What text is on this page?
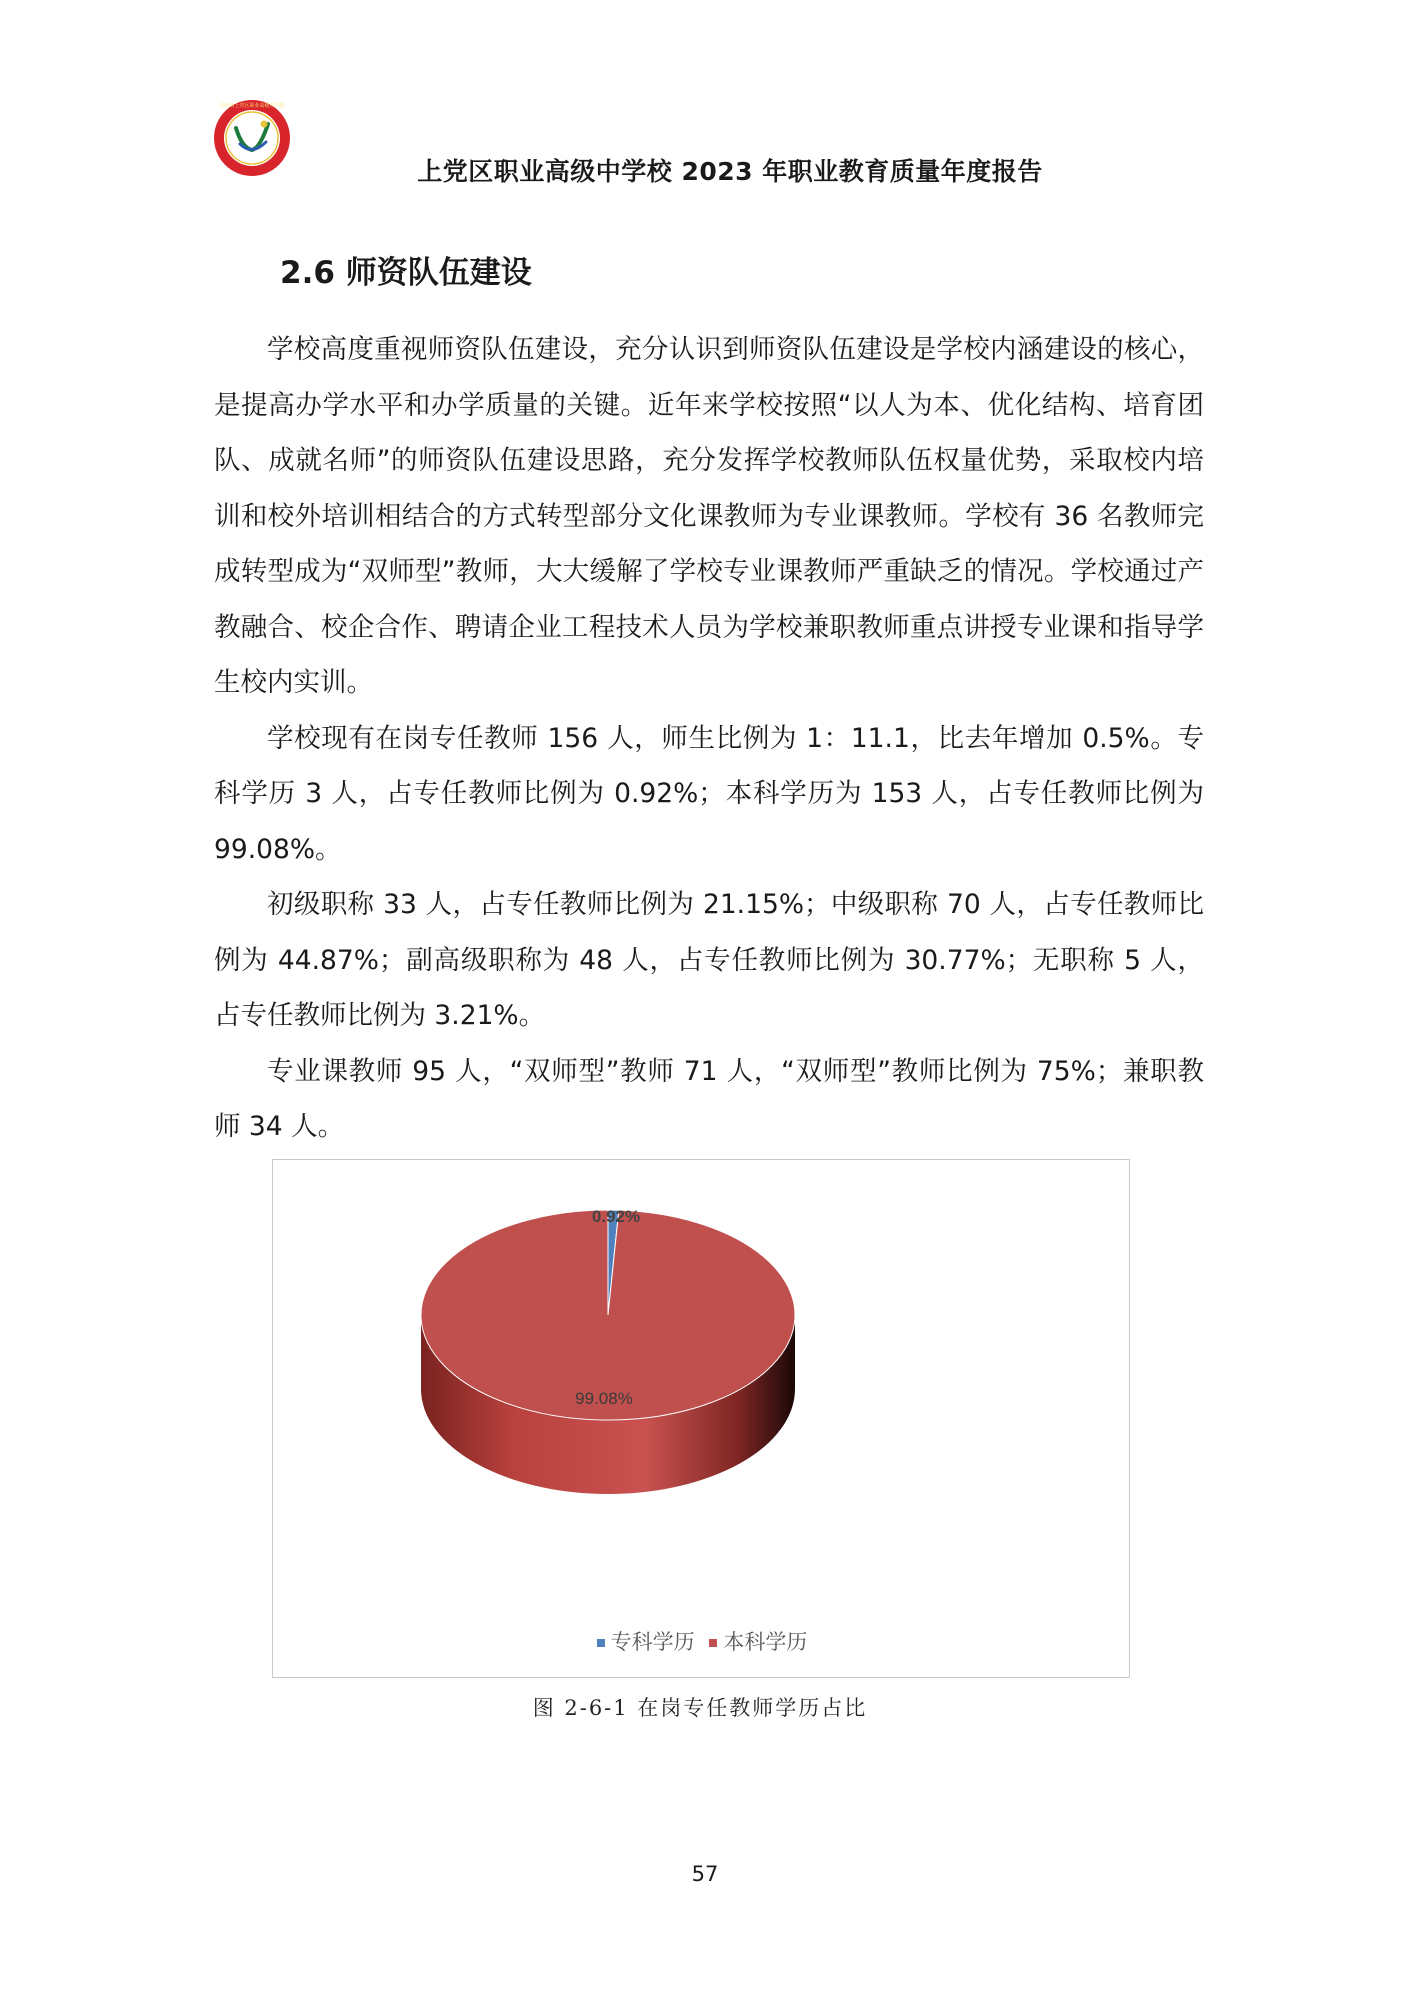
长治市上党区职业高级中学校
上党区职业高级中学校 2023 年职业教育质量年度报告
2.6 师资队伍建设

学校高度重视师资队伍建设，充分认识到师资队伍建设是学校内涵建设的核心，是提高办学水平和办学质量的关键。近年来学校按照“以人为本、优化结构、培育团队、成就名师”的师资队伍建设思路，充分发挥学校教师队伍权量优势，采取校内培训和校外培训相结合的方式转型部分文化课教师为专业课教师。学校有 36 名教师完成转型成为“双师型”教师，大大缓解了学校专业课教师严重缺乏的情况。学校通过产教融合、校企合作、聘请企业工程技术人员为学校兼职教师重点讲授专业课和指导学生校内实训。

学校现有在岗专任教师 156 人，师生比例为 1：11.1，比去年增加 0.5%。专科学历 3 人，占专任教师比例为 0.92%；本科学历为 153 人，占专任教师比例为 99.08%。

初级职称 33 人，占专任教师比例为 21.15%；中级职称 70 人，占专任教师比例为 44.87%；副高级职称为 48 人，占专任教师比例为 30.77%；无职称 5 人，占专任教师比例为 3.21%。

专业课教师 95 人，“双师型”教师 71 人，“双师型”教师比例为 75%；兼职教师 34 人。

0.92%
99.08%
专科学历 本科学历
图 2-6-1 在岗专任教师学历占比
57
